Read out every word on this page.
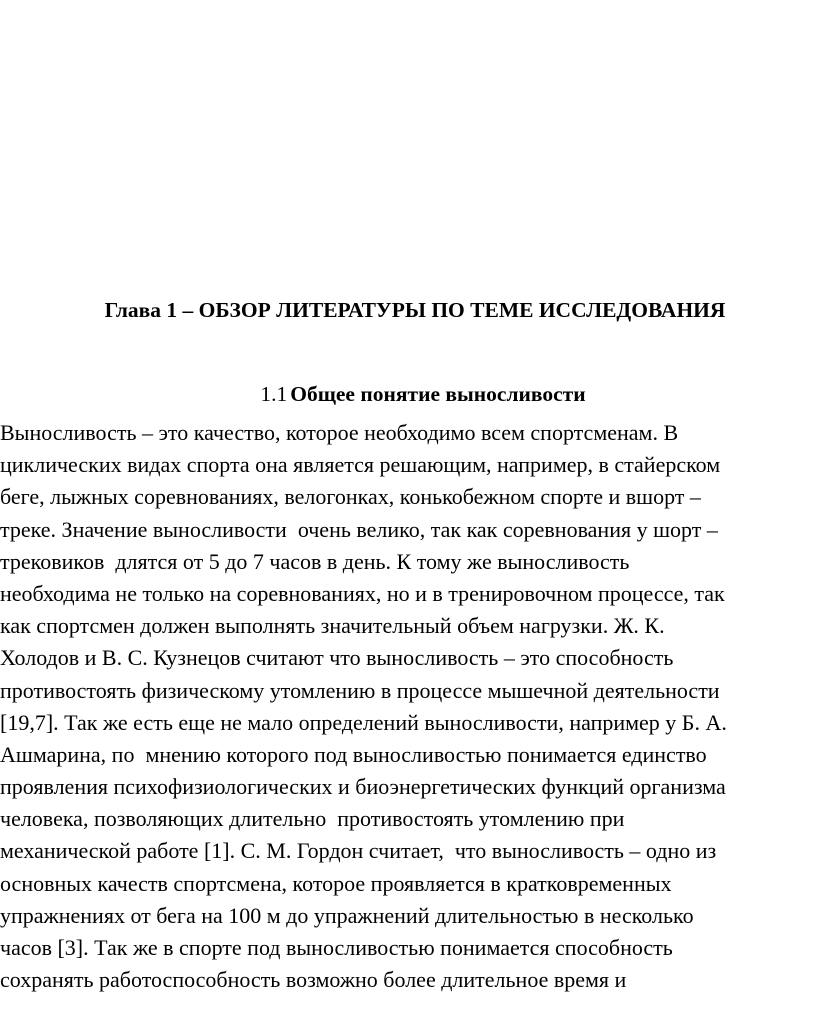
Глава 1 – ОБЗОР ЛИТЕРАТУРЫ ПО ТЕМЕ ИССЛЕДОВАНИЯ
1.1 Общее понятие выносливости
Выносливость – это качество, которое необходимо всем спортсменам. В
циклических видах спорта она является решающим, например, в стайерском
беге, лыжных соревнованиях, велогонках, конькобежном спорте и вшорт –
треке. Значение выносливости  очень велико, так как соревнования у шорт –
трековиков  длятся от 5 до 7 часов в день. К тому же выносливость
необходима не только на соревнованиях, но и в тренировочном процессе, так
как спортсмен должен выполнять значительный объем нагрузки. Ж. К.
Холодов и В. С. Кузнецов считают что выносливость – это способность
противостоять физическому утомлению в процессе мышечной деятельности
[19,7]. Так же есть еще не мало определений выносливости, например у Б. А.
Ашмарина, по  мнению которого под выносливостью понимается единство
проявления психофизиологических и биоэнергетических функций организма
человека, позволяющих длительно  противостоять утомлению при
механической работе [1]. С. М. Гордон считает,  что выносливость – одно из
основных качеств спортсмена, которое проявляется в кратковременных
упражнениях от бега на 100 м до упражнений длительностью в несколько
часов [3]. Так же в спорте под выносливостью понимается способность
сохранять работоспособность возможно более длительное время и
